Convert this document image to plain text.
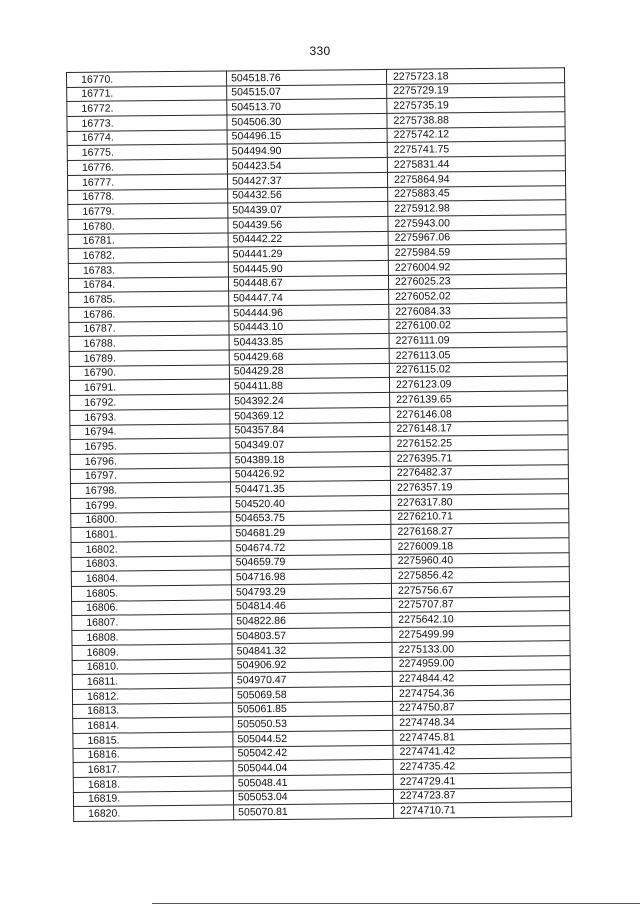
330
16770.	504518.76	2275723.18
16771.	504515.07	2275729.19
16772.	504513.70	2275735.19
16773.	504506.30	2275738.88
16774.	504496.15	2275742.12
16775.	504494.90	2275741.75
16776.	504423.54	2275831.44
16777.	504427.37	2275864.94
16778.	504432.56	2275883.45
16779.	504439.07	2275912.98
16780.	504439.56	2275943.00
16781.	504442.22	2275967.06
16782.	504441.29	2275984.59
16783.	504445.90	2276004.92
16784.	504448.67	2276025.23
16785.	504447.74	2276052.02
16786.	504444.96	2276084.33
16787.	504443.10	2276100.02
16788.	504433.85	2276111.09
16789.	504429.68	2276113.05
16790.	504429.28	2276115.02
16791.	504411.88	2276123.09
16792.	504392.24	2276139.65
16793.	504369.12	2276146.08
16794.	504357.84	2276148.17
16795.	504349.07	2276152.25
16796.	504389.18	2276395.71
16797.	504426.92	2276482.37
16798.	504471.35	2276357.19
16799.	504520.40	2276317.80
16800.	504653.75	2276210.71
16801.	504681.29	2276168.27
16802.	504674.72	2276009.18
16803.	504659.79	2275960.40
16804.	504716.98	2275856.42
16805.	504793.29	2275756.67
16806.	504814.46	2275707.87
16807.	504822.86	2275642.10
16808.	504803.57	2275499.99
16809.	504841.32	2275133.00
16810.	504906.92	2274959.00
16811.	504970.47	2274844.42
16812.	505069.58	2274754.36
16813.	505061.85	2274750.87
16814.	505050.53	2274748.34
16815.	505044.52	2274745.81
16816.	505042.42	2274741.42
16817.	505044.04	2274735.42
16818.	505048.41	2274729.41
16819.	505053.04	2274723.87
16820.	505070.81	2274710.71
